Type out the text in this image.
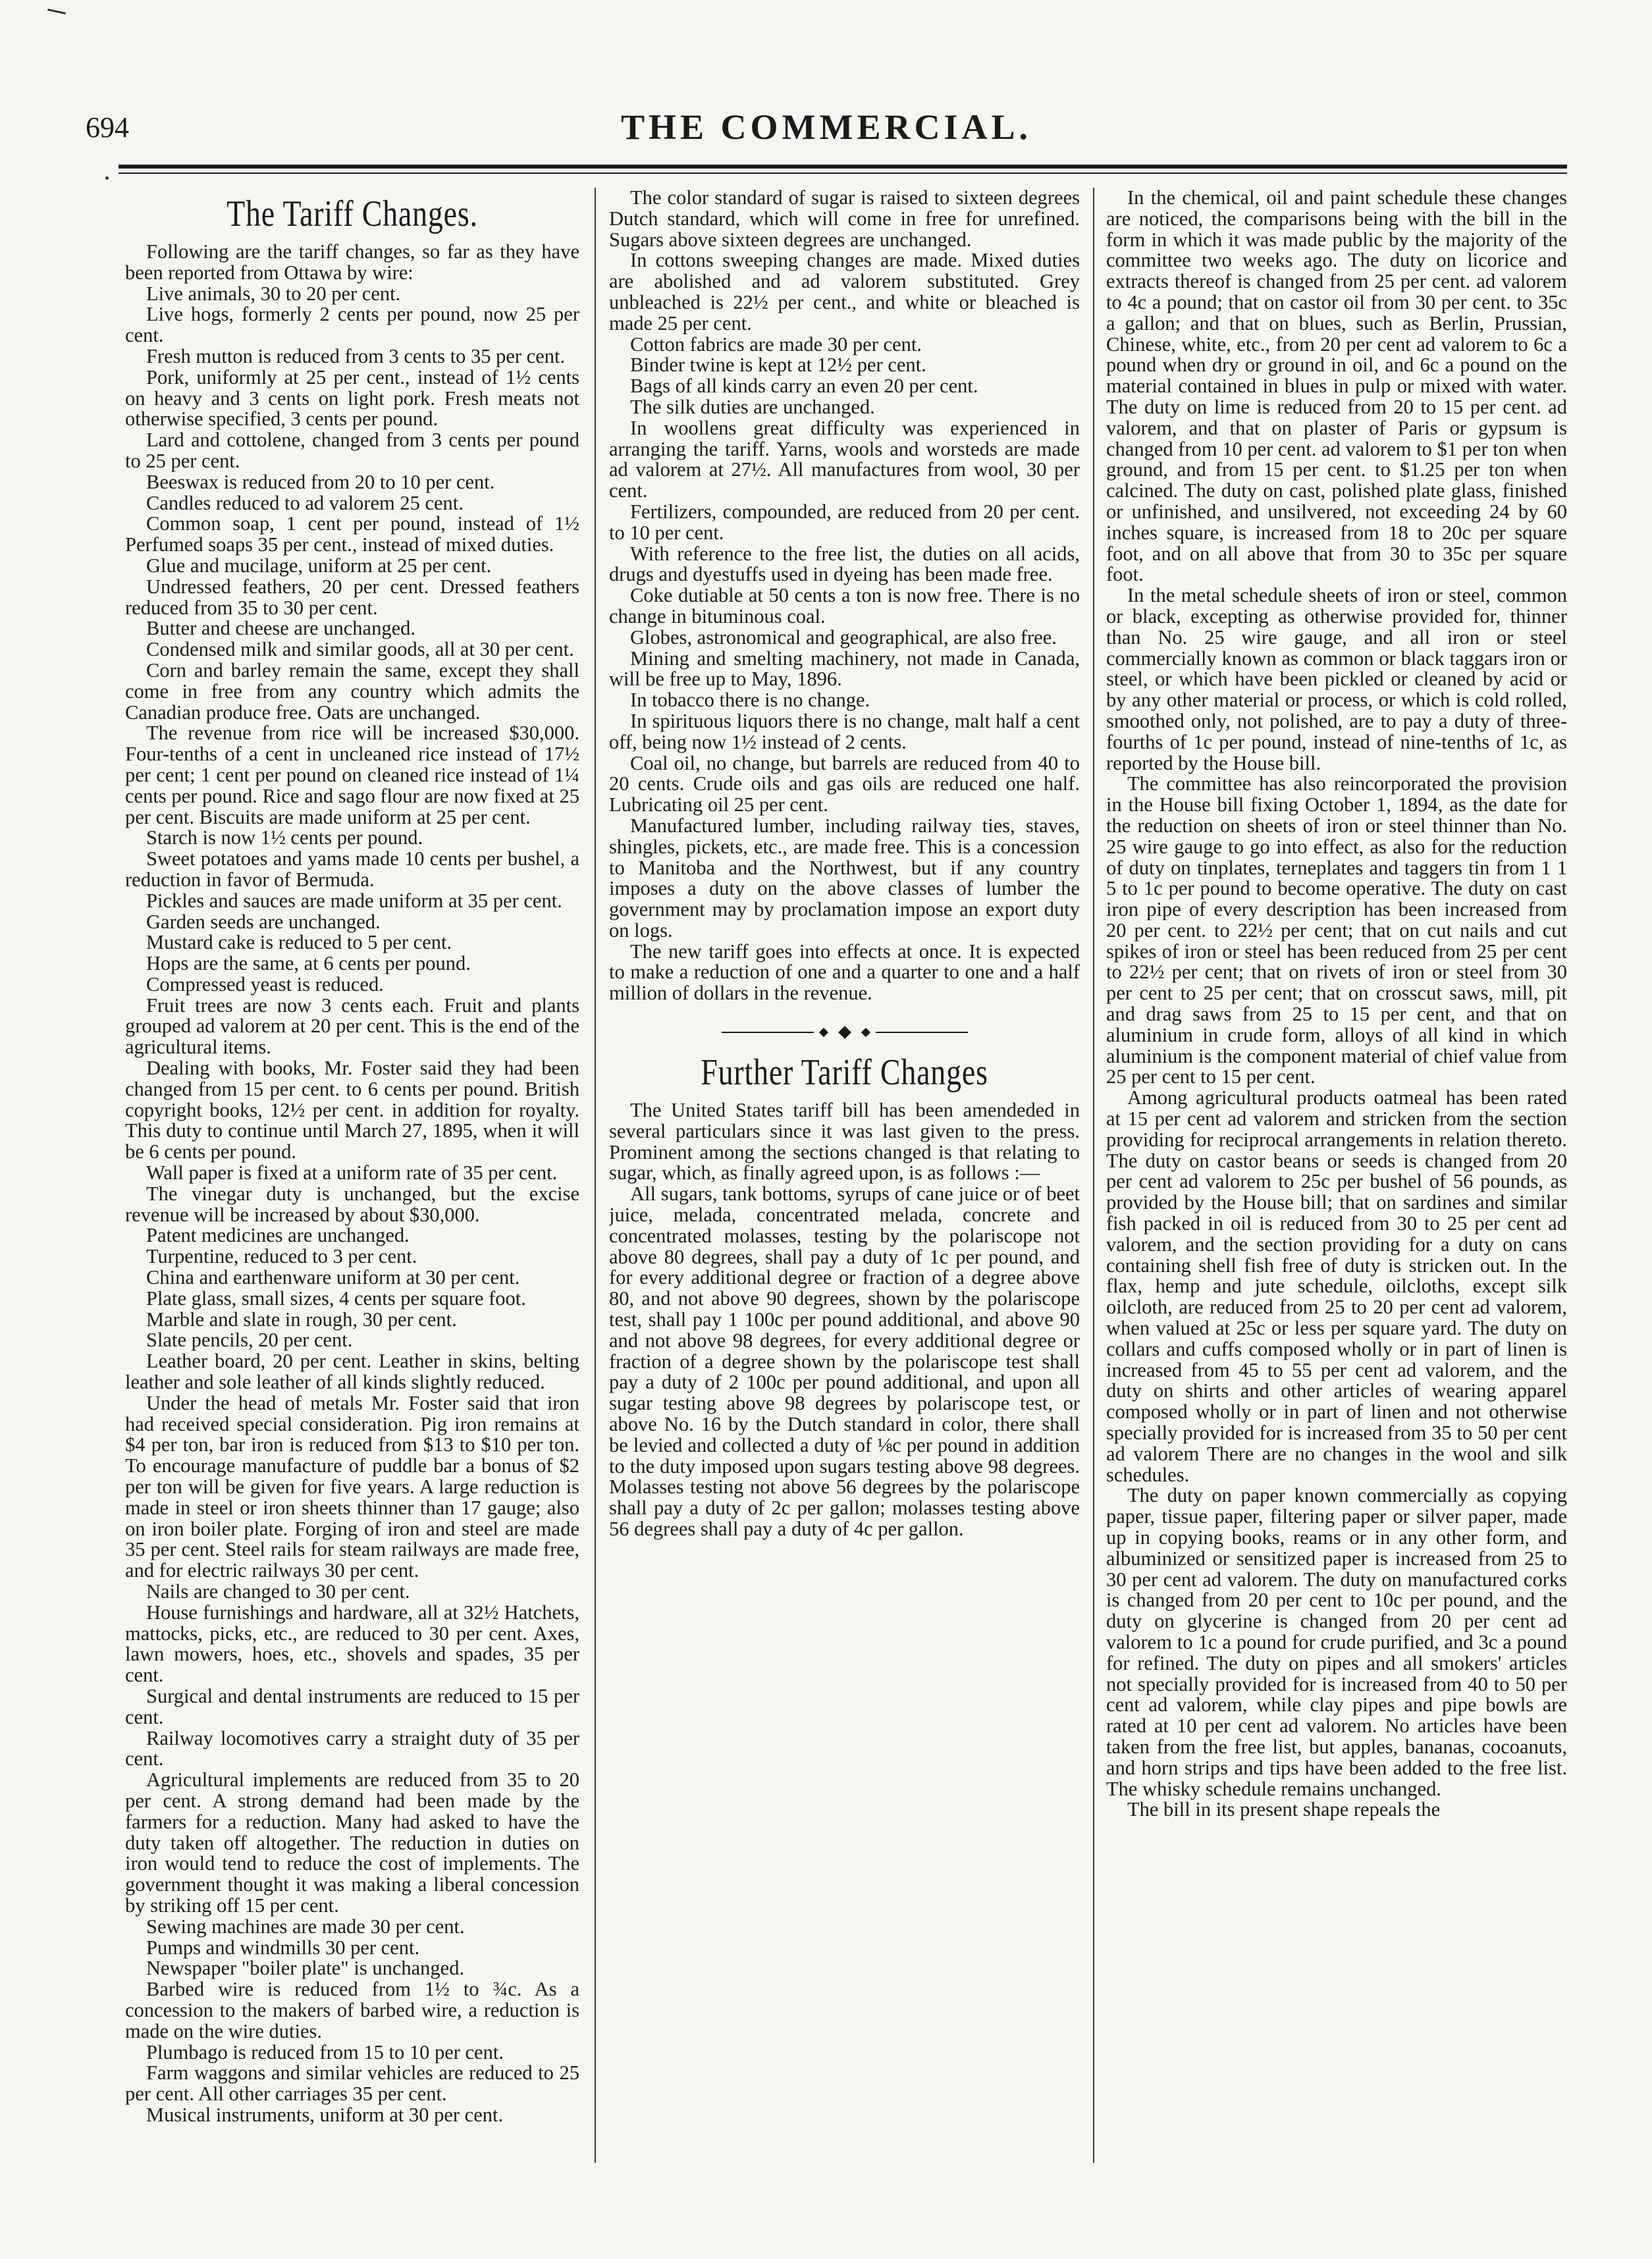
694	THE COMMERCIAL.
The Tariff Changes.

Following are the tariff changes, so far as they have been reported from Ottawa by wire:

Live animals, 30 to 20 per cent.

Live hogs, formerly 2 cents per pound, now 25 per cent.

Fresh mutton is reduced from 3 cents to 35 per cent.

Pork, uniformly at 25 per cent., instead of 1½ cents on heavy and 3 cents on light pork. Fresh meats not otherwise specified, 3 cents per pound.

Lard and cottolene, changed from 3 cents per pound to 25 per cent.

Beeswax is reduced from 20 to 10 per cent.

Candles reduced to ad valorem 25 cent.

Common soap, 1 cent per pound, instead of 1½ Perfumed soaps 35 per cent., instead of mixed duties.

Glue and mucilage, uniform at 25 per cent.

Undressed feathers, 20 per cent. Dressed feathers reduced from 35 to 30 per cent.

Butter and cheese are unchanged.

Condensed milk and similar goods, all at 30 per cent.

Corn and barley remain the same, except they shall come in free from any country which admits the Canadian produce free. Oats are unchanged.

The revenue from rice will be increased $30,000. Four-tenths of a cent in uncleaned rice instead of 17½ per cent; 1 cent per pound on cleaned rice instead of 1¼ cents per pound. Rice and sago flour are now fixed at 25 per cent. Biscuits are made uniform at 25 per cent.

Starch is now 1½ cents per pound.

Sweet potatoes and yams made 10 cents per bushel, a reduction in favor of Bermuda.

Pickles and sauces are made uniform at 35 per cent.

Garden seeds are unchanged.

Mustard cake is reduced to 5 per cent.

Hops are the same, at 6 cents per pound.

Compressed yeast is reduced.

Fruit trees are now 3 cents each. Fruit and plants grouped ad valorem at 20 per cent. This is the end of the agricultural items.

Dealing with books, Mr. Foster said they had been changed from 15 per cent. to 6 cents per pound. British copyright books, 12½ per cent. in addition for royalty. This duty to continue until March 27, 1895, when it will be 6 cents per pound.

Wall paper is fixed at a uniform rate of 35 per cent.

The vinegar duty is unchanged, but the excise revenue will be increased by about $30,000.

Patent medicines are unchanged.

Turpentine, reduced to 3 per cent.

China and earthenware uniform at 30 per cent.

Plate glass, small sizes, 4 cents per square foot.

Marble and slate in rough, 30 per cent.

Slate pencils, 20 per cent.

Leather board, 20 per cent. Leather in skins, belting leather and sole leather of all kinds slightly reduced.

Under the head of metals Mr. Foster said that iron had received special consideration. Pig iron remains at $4 per ton, bar iron is reduced from $13 to $10 per ton. To encourage manufacture of puddle bar a bonus of $2 per ton will be given for five years. A large reduction is made in steel or iron sheets thinner than 17 gauge; also on iron boiler plate. Forging of iron and steel are made 35 per cent. Steel rails for steam railways are made free, and for electric railways 30 per cent.

Nails are changed to 30 per cent.

House furnishings and hardware, all at 32½ Hatchets, mattocks, picks, etc., are reduced to 30 per cent. Axes, lawn mowers, hoes, etc., shovels and spades, 35 per cent.

Surgical and dental instruments are reduced to 15 per cent.

Railway locomotives carry a straight duty of 35 per cent.

Agricultural implements are reduced from 35 to 20 per cent. A strong demand had been made by the farmers for a reduction. Many had asked to have the duty taken off altogether. The reduction in duties on iron would tend to reduce the cost of implements. The government thought it was making a liberal concession by striking off 15 per cent.

Sewing machines are made 30 per cent.

Pumps and windmills 30 per cent.

Newspaper "boiler plate" is unchanged.

Barbed wire is reduced from 1½ to ¾c. As a concession to the makers of barbed wire, a reduction is made on the wire duties.

Plumbago is reduced from 15 to 10 per cent.

Farm waggons and similar vehicles are reduced to 25 per cent. All other carriages 35 per cent.

Musical instruments, uniform at 30 per cent.

The color standard of sugar is raised to sixteen degrees Dutch standard, which will come in free for unrefined. Sugars above sixteen degrees are unchanged.

In cottons sweeping changes are made. Mixed duties are abolished and ad valorem substituted. Grey unbleached is 22½ per cent., and white or bleached is made 25 per cent.

Cotton fabrics are made 30 per cent.

Binder twine is kept at 12½ per cent.

Bags of all kinds carry an even 20 per cent.

The silk duties are unchanged.

In woollens great difficulty was experienced in arranging the tariff. Yarns, wools and worsteds are made ad valorem at 27½. All manufactures from wool, 30 per cent.

Fertilizers, compounded, are reduced from 20 per cent. to 10 per cent.

With reference to the free list, the duties on all acids, drugs and dyestuffs used in dyeing has been made free.

Coke dutiable at 50 cents a ton is now free. There is no change in bituminous coal.

Globes, astronomical and geographical, are also free.

Mining and smelting machinery, not made in Canada, will be free up to May, 1896.

In tobacco there is no change.

In spirituous liquors there is no change, malt half a cent off, being now 1½ instead of 2 cents.

Coal oil, no change, but barrels are reduced from 40 to 20 cents. Crude oils and gas oils are reduced one half. Lubricating oil 25 per cent.

Manufactured lumber, including railway ties, staves, shingles, pickets, etc., are made free. This is a concession to Manitoba and the Northwest, but if any country imposes a duty on the above classes of lumber the government may by proclamation impose an export duty on logs.

The new tariff goes into effects at once. It is expected to make a reduction of one and a quarter to one and a half million of dollars in the revenue.

Further Tariff Changes

The United States tariff bill has been amendeded in several particulars since it was last given to the press. Prominent among the sections changed is that relating to sugar, which, as finally agreed upon, is as follows :—

All sugars, tank bottoms, syrups of cane juice or of beet juice, melada, concentrated melada, concrete and concentrated molasses, testing by the polariscope not above 80 degrees, shall pay a duty of 1c per pound, and for every additional degree or fraction of a degree above 80, and not above 90 degrees, shown by the polariscope test, shall pay 1 100c per pound additional, and above 90 and not above 98 degrees, for every additional degree or fraction of a degree shown by the polariscope test shall pay a duty of 2 100c per pound additional, and upon all sugar testing above 98 degrees by polariscope test, or above No. 16 by the Dutch standard in color, there shall be levied and collected a duty of ⅛c per pound in addition to the duty imposed upon sugars testing above 98 degrees. Molasses testing not above 56 degrees by the polariscope shall pay a duty of 2c per gallon; molasses testing above 56 degrees shall pay a duty of 4c per gallon.

In the chemical, oil and paint schedule these changes are noticed, the comparisons being with the bill in the form in which it was made public by the majority of the committee two weeks ago. The duty on licorice and extracts thereof is changed from 25 per cent. ad valorem to 4c a pound; that on castor oil from 30 per cent. to 35c a gallon; and that on blues, such as Berlin, Prussian, Chinese, white, etc., from 20 per cent ad valorem to 6c a pound when dry or ground in oil, and 6c a pound on the material contained in blues in pulp or mixed with water. The duty on lime is reduced from 20 to 15 per cent. ad valorem, and that on plaster of Paris or gypsum is changed from 10 per cent. ad valorem to $1 per ton when ground, and from 15 per cent. to $1.25 per ton when calcined. The duty on cast, polished plate glass, finished or unfinished, and unsilvered, not exceeding 24 by 60 inches square, is increased from 18 to 20c per square foot, and on all above that from 30 to 35c per square foot.

In the metal schedule sheets of iron or steel, common or black, excepting as otherwise provided for, thinner than No. 25 wire gauge, and all iron or steel commercially known as common or black taggars iron or steel, or which have been pickled or cleaned by acid or by any other material or process, or which is cold rolled, smoothed only, not polished, are to pay a duty of three-fourths of 1c per pound, instead of nine-tenths of 1c, as reported by the House bill.

The committee has also reincorporated the provision in the House bill fixing October 1, 1894, as the date for the reduction on sheets of iron or steel thinner than No. 25 wire gauge to go into effect, as also for the reduction of duty on tinplates, terneplates and taggers tin from 1 1 5 to 1c per pound to become operative. The duty on cast iron pipe of every description has been increased from 20 per cent. to 22½ per cent; that on cut nails and cut spikes of iron or steel has been reduced from 25 per cent to 22½ per cent; that on rivets of iron or steel from 30 per cent to 25 per cent; that on crosscut saws, mill, pit and drag saws from 25 to 15 per cent, and that on aluminium in crude form, alloys of all kind in which aluminium is the component material of chief value from 25 per cent to 15 per cent.

Among agricultural products oatmeal has been rated at 15 per cent ad valorem and stricken from the section providing for reciprocal arrangements in relation thereto. The duty on castor beans or seeds is changed from 20 per cent ad valorem to 25c per bushel of 56 pounds, as provided by the House bill; that on sardines and similar fish packed in oil is reduced from 30 to 25 per cent ad valorem, and the section providing for a duty on cans containing shell fish free of duty is stricken out. In the flax, hemp and jute schedule, oilcloths, except silk oilcloth, are reduced from 25 to 20 per cent ad valorem, when valued at 25c or less per square yard. The duty on collars and cuffs composed wholly or in part of linen is increased from 45 to 55 per cent ad valorem, and the duty on shirts and other articles of wearing apparel composed wholly or in part of linen and not otherwise specially provided for is increased from 35 to 50 per cent ad valorem There are no changes in the wool and silk schedules.

The duty on paper known commercially as copying paper, tissue paper, filtering paper or silver paper, made up in copying books, reams or in any other form, and albuminized or sensitized paper is increased from 25 to 30 per cent ad valorem. The duty on manufactured corks is changed from 20 per cent to 10c per pound, and the duty on glycerine is changed from 20 per cent ad valorem to 1c a pound for crude purified, and 3c a pound for refined. The duty on pipes and all smokers' articles not specially provided for is increased from 40 to 50 per cent ad valorem, while clay pipes and pipe bowls are rated at 10 per cent ad valorem. No articles have been taken from the free list, but apples, bananas, cocoanuts, and horn strips and tips have been added to the free list. The whisky schedule remains unchanged.

The bill in its present shape repeals the
